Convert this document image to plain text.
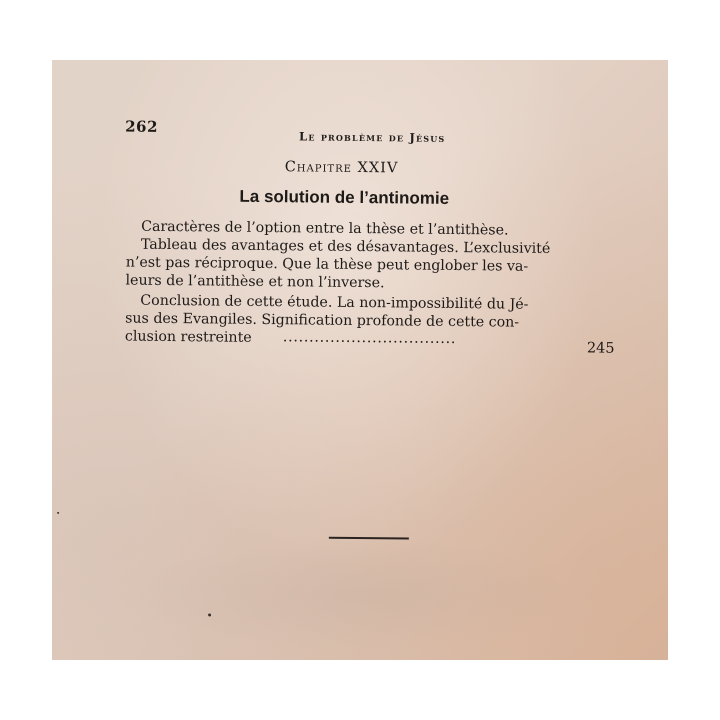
262
Le problème de Jésus
Chapitre XXIV
La solution de l’antinomie
Caractères de l’option entre la thèse et l’antithèse.
Tableau des avantages et des désavantages. L’exclusivité
n’est pas réciproque. Que la thèse peut englober les va-
leurs de l’antithèse et non l’inverse.
Conclusion de cette étude. La non-impossibilité du Jé-
sus des Evangiles. Signification profonde de cette con-
clusion restreinte .................................
245
